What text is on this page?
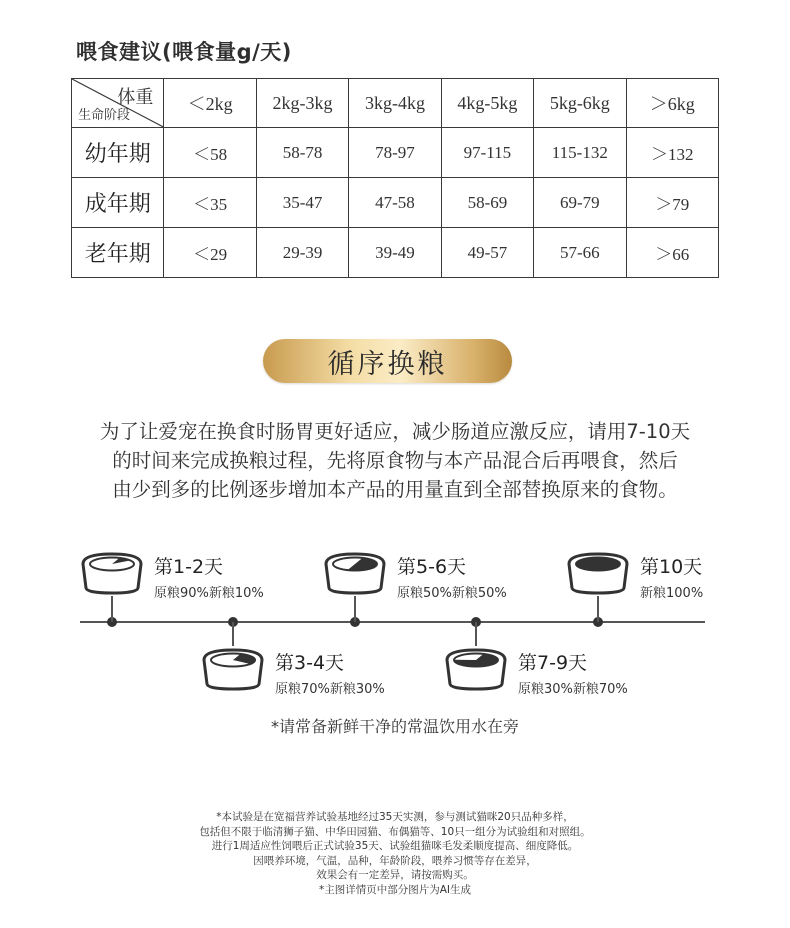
喂食建议(喂食量g/天)
体重
生命阶段	＜2kg	2kg-3kg	3kg-4kg	4kg-5kg	5kg-6kg	＞6kg
幼年期	＜58	58-78	78-97	97-115	115-132	＞132
成年期	＜35	35-47	47-58	58-69	69-79	＞79
老年期	＜29	29-39	39-49	49-57	57-66	＞66
循序换粮
为了让爱宠在换食时肠胃更好适应，减少肠道应激反应，请用7-10天
的时间来完成换粮过程，先将原食物与本产品混合后再喂食，然后
由少到多的比例逐步增加本产品的用量直到全部替换原来的食物。
第1-2天
原粮90%新粮10%
第3-4天
原粮70%新粮30%
第5-6天
原粮50%新粮50%
第7-9天
原粮30%新粮70%
第10天
新粮100%
*请常备新鲜干净的常温饮用水在旁
*本试验是在宽福营养试验基地经过35天实测，参与测试猫咪20只品种多样，
包括但不限于临清狮子猫、中华田园猫、布偶猫等、10只一组分为试验组和对照组。
进行1周适应性饲喂后正式试验35天、试验组猫咪毛发柔顺度提高、细度降低。
因喂养环境，气温，品种，年龄阶段，喂养习惯等存在差异，
效果会有一定差异，请按需购买。
*主图详情页中部分图片为AI生成
